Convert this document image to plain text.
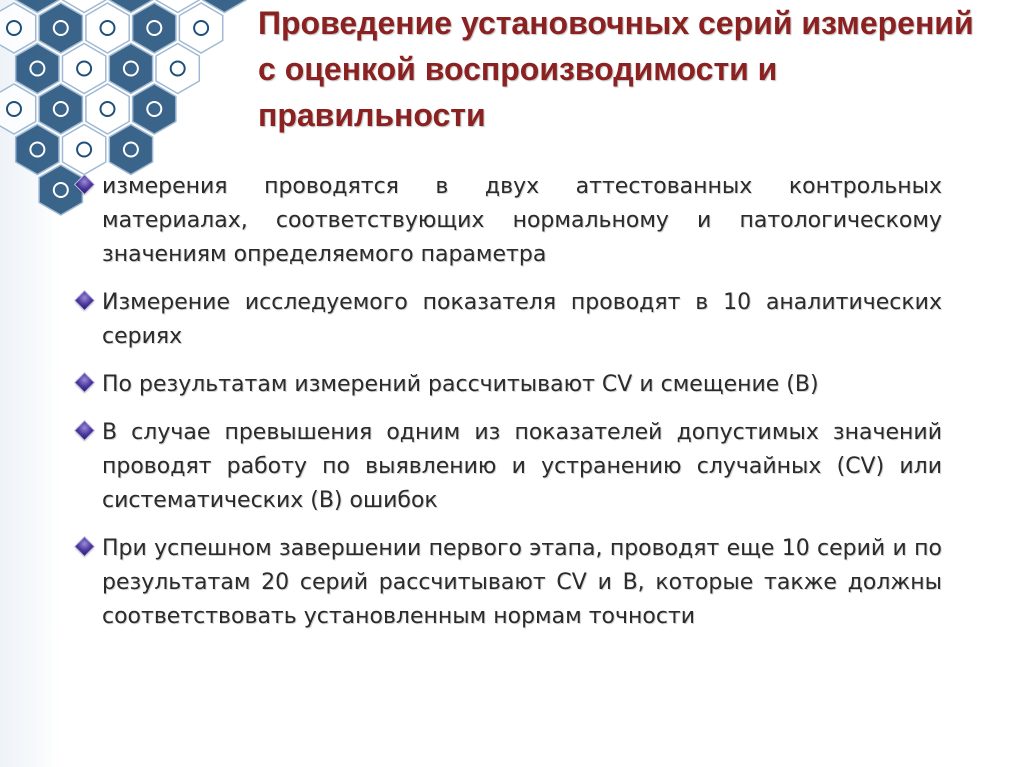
Проведение установочных серий измерений с оценкой воспроизводимости и правильности
измерения проводятся в двух аттестованных контрольных материалах, соответствующих нормальному и патологическому значениям определяемого параметра
Измерение исследуемого показателя проводят в 10 аналитических сериях
По результатам измерений рассчитывают CV и смещение (B)
В случае превышения одним из показателей допустимых значений проводят работу по выявлению и устранению случайных (CV) или систематических (B) ошибок
При успешном завершении первого этапа, проводят еще 10 серий и по результатам 20 серий рассчитывают CV и B, которые также должны соответствовать установленным нормам точности
